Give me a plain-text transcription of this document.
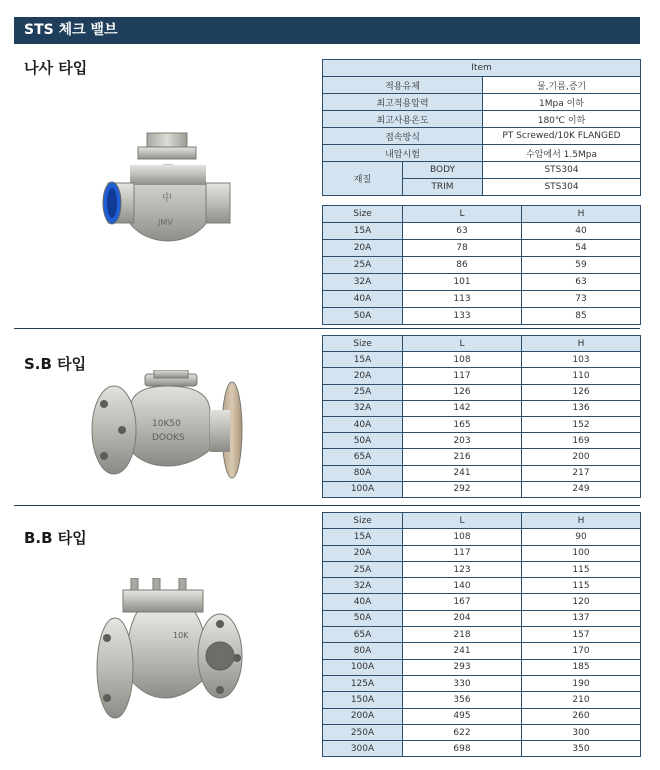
STS 체크 밸브
나사 타입
S.B 타입
B.B 타입
中
JMV
10K50
DOOKS
10K
Item		
적용유체		물,기름,증기
최고적용압력		1Mpa 이하
최고사용온도		180℃ 이하
접속방식		PT Screwed/10K FLANGED
내압시험		수압에서 1.5Mpa
재질	BODY	STS304
	TRIM	STS304
Size	L	H
15A	63	40
20A	78	54
25A	86	59
32A	101	63
40A	113	73
50A	133	85
Size	L	H
15A	108	103
20A	117	110
25A	126	126
32A	142	136
40A	165	152
50A	203	169
65A	216	200
80A	241	217
100A	292	249
Size	L	H
15A	108	90
20A	117	100
25A	123	115
32A	140	115
40A	167	120
50A	204	137
65A	218	157
80A	241	170
100A	293	185
125A	330	190
150A	356	210
200A	495	260
250A	622	300
300A	698	350
